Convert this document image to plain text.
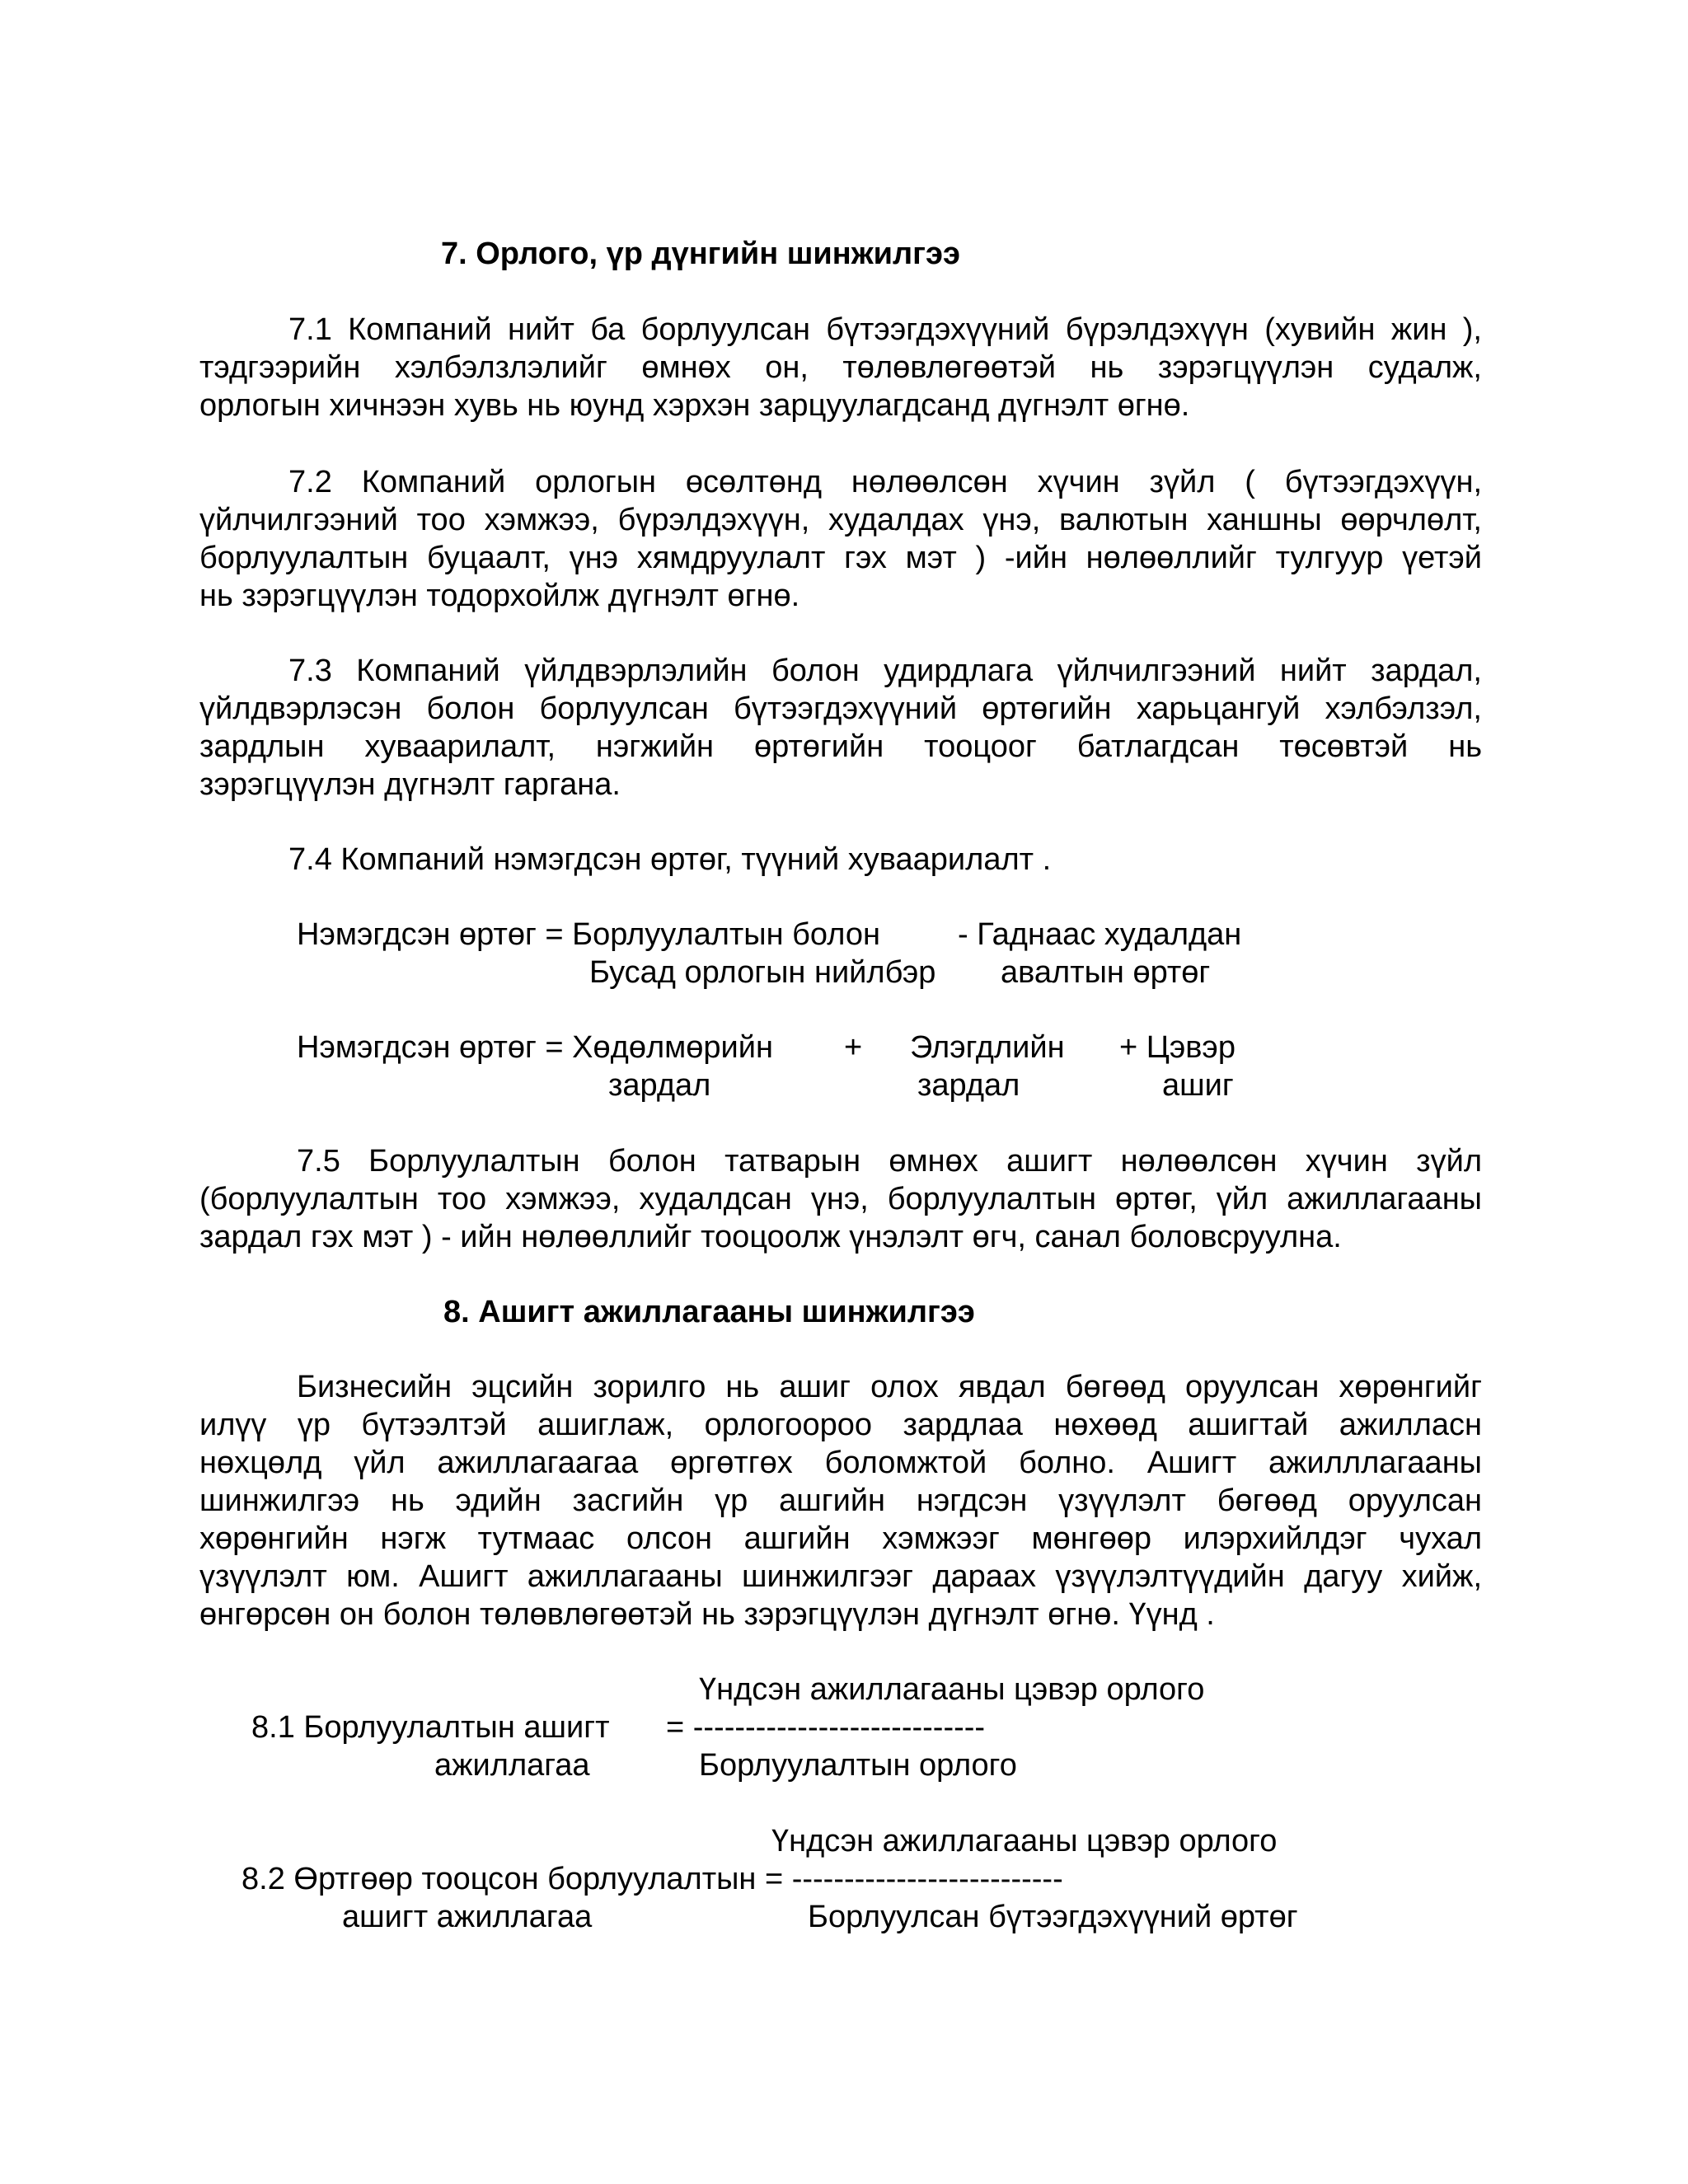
7. Орлого, үр дүнгийн шинжилгээ
7.1 Компаний нийт ба борлуулсан бүтээгдэхүүний бүрэлдэхүүн (хувийн жин ),
тэдгээрийн хэлбэлзлэлийг өмнөх он, төлөвлөгөөтэй нь зэрэгцүүлэн судалж,
орлогын хичнээн хувь нь юунд хэрхэн зарцуулагдсанд дүгнэлт өгнө.
7.2 Компаний орлогын өсөлтөнд нөлөөлсөн хүчин зүйл ( бүтээгдэхүүн,
үйлчилгээний тоо хэмжээ, бүрэлдэхүүн, худалдах үнэ, валютын ханшны өөрчлөлт,
борлуулалтын буцаалт, үнэ хямдруулалт гэх мэт ) -ийн нөлөөллийг тулгуур үетэй
нь зэрэгцүүлэн тодорхойлж дүгнэлт өгнө.
7.3 Компаний үйлдвэрлэлийн болон удирдлага үйлчилгээний нийт зардал,
үйлдвэрлэсэн болон борлуулсан бүтээгдэхүүний өртөгийн харьцангуй хэлбэлзэл,
зардлын хуваарилалт, нэгжийн өртөгийн тооцоог батлагдсан төсөвтэй нь
зэрэгцүүлэн дүгнэлт гаргана.
7.4 Компаний нэмэгдсэн өртөг, түүний хуваарилалт .
Нэмэгдсэн өртөг = Борлуулалтын болон - Гаднаас худалдан
Бусад орлогын нийлбэр авалтын өртөг
Нэмэгдсэн өртөг = Хөдөлмөрийн + Элэгдлийн + Цэвэр
зардал	зардал	ашиг
7.5 Борлуулалтын болон татварын өмнөх ашигт нөлөөлсөн хүчин зүйл
(борлуулалтын тоо хэмжээ, худалдсан үнэ, борлуулалтын өртөг, үйл ажиллагааны
зардал гэх мэт ) - ийн нөлөөллийг тооцоолж үнэлэлт өгч, санал боловсруулна.
8. Ашигт ажиллагааны шинжилгээ
Бизнесийн эцсийн зорилго нь ашиг олох явдал бөгөөд оруулсан хөрөнгийг
илүү үр бүтээлтэй ашиглаж, орлогоороо зардлаа нөхөөд ашигтай ажилласн
нөхцөлд үйл ажиллагаагаа өргөтгөх боломжтой болно. Ашигт ажилллагааны
шинжилгээ нь эдийн засгийн үр ашгийн нэгдсэн үзүүлэлт бөгөөд оруулсан
хөрөнгийн нэгж тутмаас олсон ашгийн хэмжээг мөнгөөр илэрхийлдэг чухал
үзүүлэлт юм. Ашигт ажиллагааны шинжилгээг дараах үзүүлэлтүүдийн дагуу хийж,
өнгөрсөн он болон төлөвлөгөөтэй нь зэрэгцүүлэн дүгнэлт өгнө. Үүнд .
Үндсэн ажиллагааны цэвэр орлого
8.1 Борлуулалтын ашигт = ----------------------------
ажиллагаа	Борлуулалтын орлого
Үндсэн ажиллагааны цэвэр орлого
8.2 Өртгөөр тооцсон борлуулалтын = --------------------------
ашигт ажиллагаа	Борлуулсан бүтээгдэхүүний өртөг
